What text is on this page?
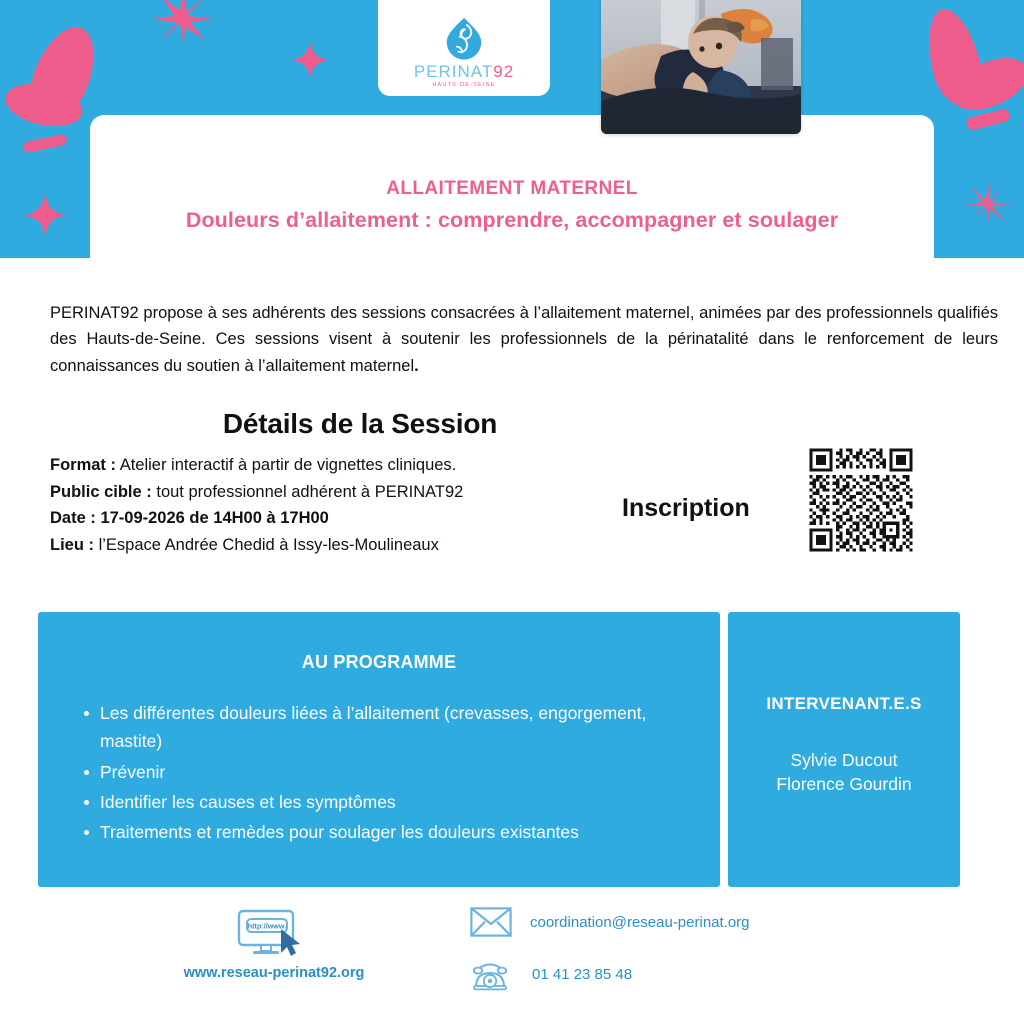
PERINAT 92
HAUTS-DE-SEINE
ALLAITEMENT MATERNEL
Douleurs d’allaitement : comprendre, accompagner et soulager

PERINAT92 propose à ses adhérents des sessions consacrées à l’allaitement maternel, animées par des professionnels qualifiés des Hauts-de-Seine. Ces sessions visent à soutenir les professionnels de la périnatalité dans le renforcement de leurs connaissances du soutien à l’allaitement maternel.

Détails de la Session
Format : Atelier interactif à partir de vignettes cliniques.
Public cible : tout professionnel adhérent à PERINAT92
Date : 17-09-2026 de 14H00 à 17H00
Lieu : l’Espace Andrée Chedid à Issy-les-Moulineaux
Inscription
AU PROGRAMME
Les différentes douleurs liées à l’allaitement (crevasses, engorgement, mastite)
Prévenir
Identifier les causes et les symptômes
Traitements et remèdes pour soulager les douleurs existantes
INTERVENANT.E.S
Sylvie Ducout
Florence Gourdin
http://www.
www.reseau-perinat92.org
coordination@reseau-perinat.org
01 41 23 85 48
